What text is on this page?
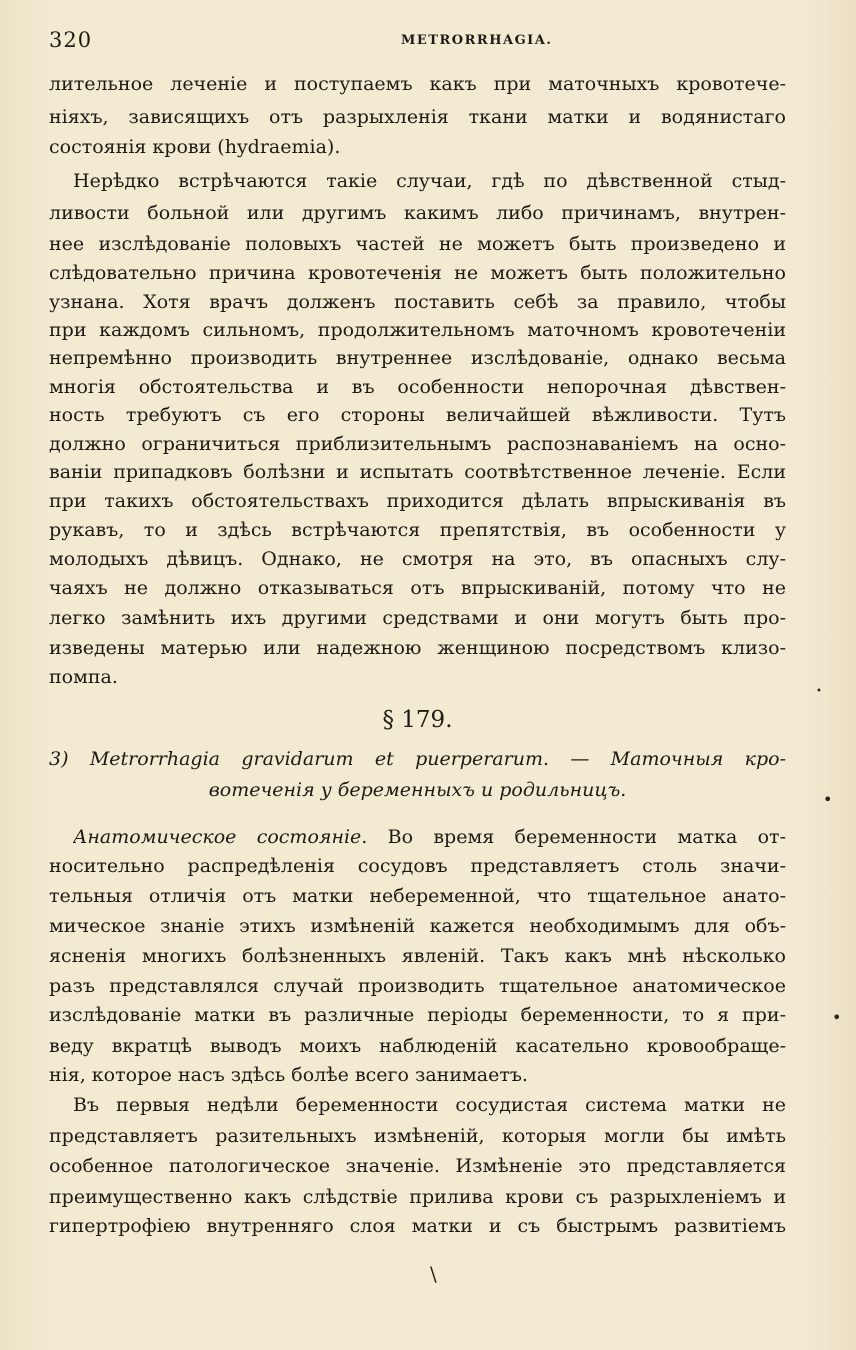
320	METRORRHAGIA.
лительное леченіе и поступаемъ какъ при маточныхъ кровотече-
ніяхъ, зависящихъ отъ разрыхленія ткани матки и водянистаго
состоянія крови (hydraemia).
Нерѣдко встрѣчаются такіе случаи, гдѣ по дѣвственной стыд-
ливости больной или другимъ какимъ либо причинамъ, внутрен-
нее изслѣдованіе половыхъ частей не можетъ быть произведено и
слѣдовательно причина кровотеченія не можетъ быть положительно
узнана. Хотя врачъ долженъ поставить себѣ за правило, чтобы
при каждомъ сильномъ, продолжительномъ маточномъ кровотеченіи
непремѣнно производить внутреннее изслѣдованіе, однако весьма
многія обстоятельства и въ особенности непорочная дѣвствен-
ность требуютъ съ его стороны величайшей вѣжливости. Тутъ
должно ограничиться приблизительнымъ распознаваніемъ на осно-
ваніи припадковъ болѣзни и испытать соотвѣтственное леченіе. Если
при такихъ обстоятельствахъ приходится дѣлать впрыскиванія въ
рукавъ, то и здѣсь встрѣчаются препятствія, въ особенности у
молодыхъ дѣвицъ. Однако, не смотря на это, въ опасныхъ слу-
чаяхъ не должно отказываться отъ впрыскиваній, потому что не
легко замѣнить ихъ другими средствами и они могутъ быть про-
изведены матерью или надежною женщиною посредствомъ клизо-
помпа.
§ 179.
3) Metrorrhagia gravidarum et puerperarum. — Маточныя кро-
вотеченія у беременныхъ и родильницъ.
Анатомическое состояніе. Во время беременности матка от-
носительно распредѣленія сосудовъ представляетъ столь значи-
тельныя отличія отъ матки небеременной, что тщательное анато-
мическое знаніе этихъ измѣненій кажется необходимымъ для объ-
ясненія многихъ болѣзненныхъ явленій. Такъ какъ мнѣ нѣсколько
разъ представлялся случай производить тщательное анатомическое
изслѣдованіе матки въ различные періоды беременности, то я при-
веду вкратцѣ выводъ моихъ наблюденій касательно кровообраще-
нія, которое насъ здѣсь болѣе всего занимаетъ.
Въ первыя недѣли беременности сосудистая система матки не
представляетъ разительныхъ измѣненій, которыя могли бы имѣть
особенное патологическое значеніе. Измѣненіе это представляется
преимущественно какъ слѣдствіе прилива крови съ разрыхленіемъ и
гипертрофіею внутренняго слоя матки и съ быстрымъ развитіемъ
•
•
•
\
